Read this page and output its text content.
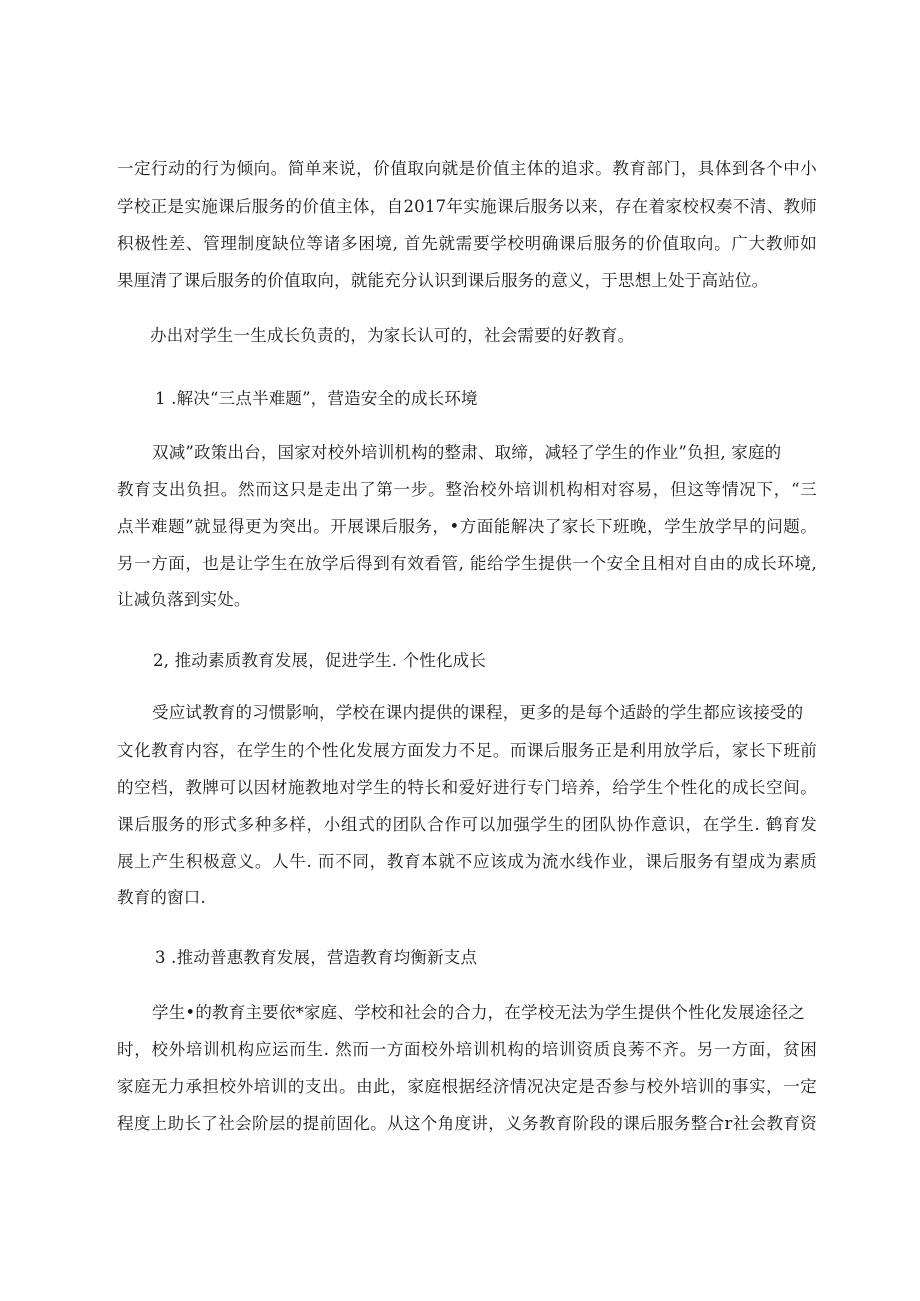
一定行动的行为倾向。简单来说，价值取向就是价值主体的追求。教育部门，具体到各个中小
学校正是实施课后服务的价值主体，自2017年实施课后服务以来，存在着家校权奏不清、教师
积极性差、管理制度缺位等诸多困境, 首先就需要学校明确课后服务的价值取向。广大教师如
果厘清了课后服务的价值取向，就能充分认识到课后服务的意义，于思想上处于高站位。
办出对学生一生成长负责的，为家长认可的，社会需要的好教育。
1 .解决“三点半难题”，营造安全的成长环境
双减”政策出台，国家对校外培训机构的整肃、取缔，减轻了学生的作业”负担, 家庭的
教育支出负担。然而这只是走出了第一步。整治校外培训机构相对容易，但这等情况下，“三
点半难题”就显得更为突出。开展课后服务，•方面能解决了家长下班晚，学生放学早的问题。
另一方面，也是让学生在放学后得到有效看管, 能给学生提供一个安全且相对自由的成长环境,
让减负落到实处。
2, 推动素质教育发展，促进学生. 个性化成长
受应试教育的习惯影响，学校在课内提供的课程，更多的是每个适龄的学生都应该接受的
文化教育内容，在学生的个性化发展方面发力不足。而课后服务正是利用放学后，家长下班前
的空档，教牌可以因材施教地对学生的特长和爱好进行专门培养，给学生个性化的成长空间。
课后服务的形式多种多样，小组式的团队合作可以加强学生的团队协作意识，在学生. 鹤育发
展上产生积极意义。人牛. 而不同，教育本就不应该成为流水线作业，课后服务有望成为素质
教育的窗口.
3 .推动普惠教育发展，营造教育均衡新支点
学生•的教育主要依*家庭、学校和社会的合力，在学校无法为学生提供个性化发展途径之
时，校外培训机构应运而生. 然而一方面校外培训机构的培训资质良莠不齐。另一方面，贫困
家庭无力承担校外培训的支出。由此，家庭根据经济情况决定是否参与校外培训的事实，一定
程度上助长了社会阶层的提前固化。从这个角度讲，义务教育阶段的课后服务整合r社会教育资
